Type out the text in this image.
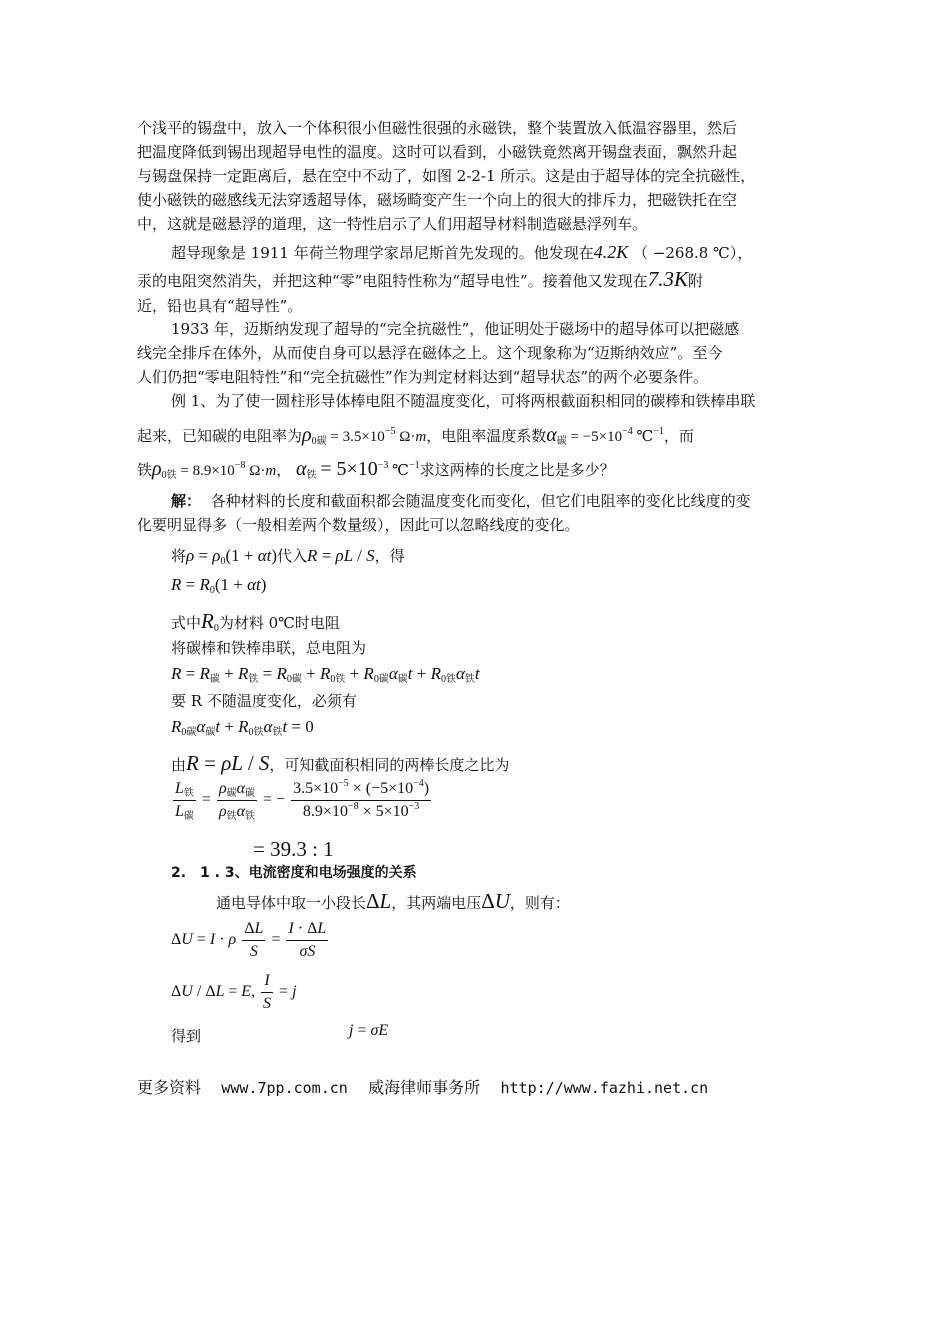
个浅平的锡盘中，放入一个体积很小但磁性很强的永磁铁，整个装置放入低温容器里，然后
把温度降低到锡出现超导电性的温度。这时可以看到，小磁铁竟然离开锡盘表面，飘然升起
与锡盘保持一定距离后，悬在空中不动了，如图 2-2-1 所示。这是由于超导体的完全抗磁性，
使小磁铁的磁感线无法穿透超导体，磁场畸变产生一个向上的很大的排斥力，把磁铁托在空
中，这就是磁悬浮的道理，这一特性启示了人们用超导材料制造磁悬浮列车。
超导现象是 1911 年荷兰物理学家昂尼斯首先发现的。他发现在4.2K （ −268.8 ℃），
汞的电阻突然消失，并把这种“零”电阻特性称为“超导电性”。接着他又发现在7.3K附
近，铅也具有“超导性”。
1933 年，迈斯纳发现了超导的“完全抗磁性”，他证明处于磁场中的超导体可以把磁感
线完全排斥在体外，从而使自身可以悬浮在磁体之上。这个现象称为“迈斯纳效应”。至今
人们仍把“零电阻特性”和“完全抗磁性”作为判定材料达到“超导状态”的两个必要条件。
例 1、为了使一圆柱形导体棒电阻不随温度变化，可将两根截面积相同的碳棒和铁棒串联
起来，已知碳的电阻率为$\rho_{0碳} = 3.5\times 10^{-5}$ Ω·m，电阻率温度系数$\alpha_碳 = -5\times 10^{-4}$ ℃$^{-1}$，而
铁$\rho_{0铁} = 8.9\times 10^{-8}$ Ω·m， $\alpha_铁 = 5\times 10^{-3}$ ℃$^{-1}$求这两棒的长度之比是多少？
解： 各种材料的长度和截面积都会随温度变化而变化，但它们电阻率的变化比线度的变
化要明显得多（一般相差两个数量级），因此可以忽略线度的变化。
将$\rho = \rho_0(1 + \alpha t)$代入R = ρL / S，得
$R = R_0(1 + \alpha t)$
式中$R_0$为材料 0℃时电阻
将碳棒和铁棒串联，总电阻为
$R = R_碳 + R_铁 = R_{0碳} + R_{0铁} + R_{0碳}\alpha_碳t + R_{0铁}\alpha_铁t$
要 R 不随温度变化，必须有
$R_{0碳}\alpha_碳t + R_{0铁}\alpha_铁t = 0$
由R = ρL / S，可知截面积相同的两棒长度之比为
$\frac{L_铁}{L_碳} = \frac{\rho_碳\alpha_碳}{\rho_铁\alpha_铁}$ = − $\frac{3.5\times 10^{-5} \times (-5\times 10^{-4})}{8.9\times 10^{-8} \times 5\times 10^{-3}}$
= 39.3 : 1
2.　1 . 3、电流密度和电场强度的关系
通电导体中取一小段长ΔL，其两端电压ΔU，则有：
ΔU = I · ρ $\frac{\Delta L}{S} = \frac{I \cdot \Delta L}{\sigma S}$
ΔU / ΔL = E, $\frac{I}{S} = j$
得到	j = σE
更多资料 www.7pp.com.cn 威海律师事务所 http://www.fazhi.net.cn
